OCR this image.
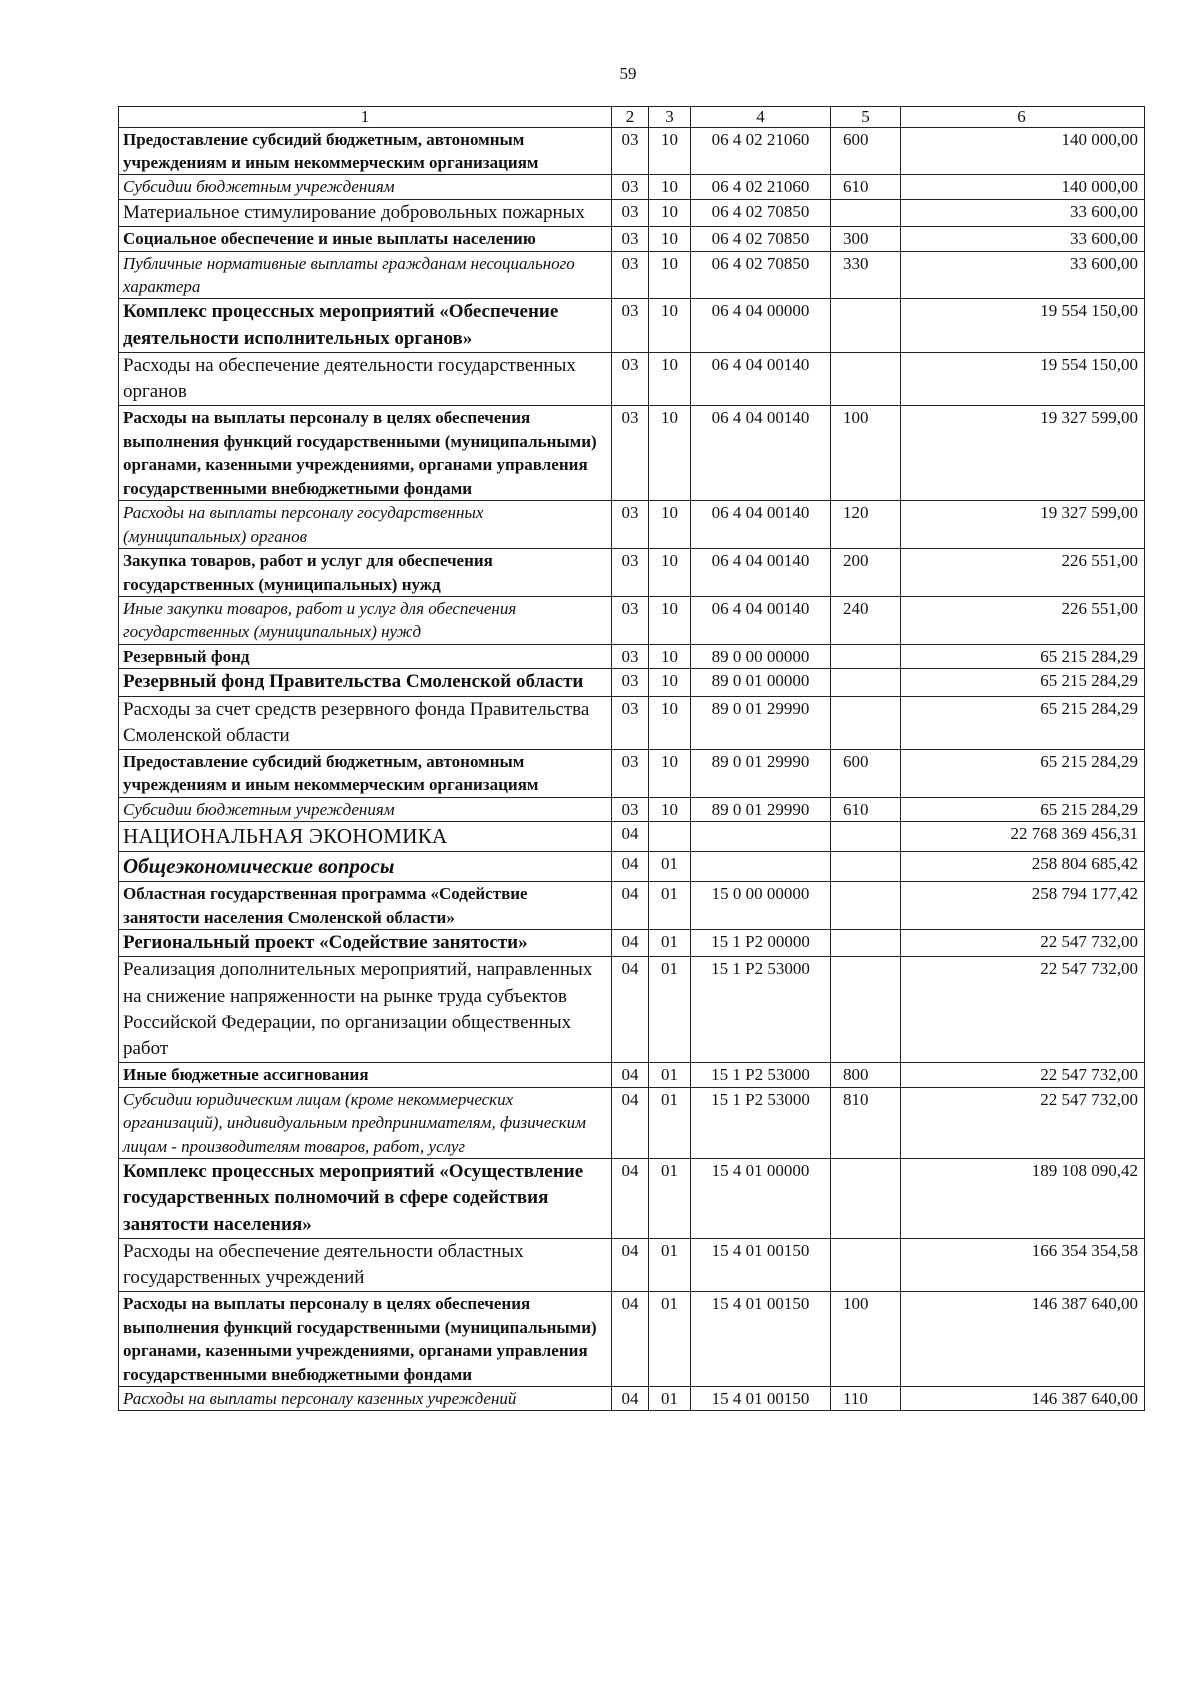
59
1	2	3	4	5	6
Предоставление субсидий бюджетным, автономным учреждениям и иным некоммерческим организациям	03	10	06 4 02 21060	600	140 000,00
Субсидии бюджетным учреждениям	03	10	06 4 02 21060	610	140 000,00
Материальное стимулирование добровольных пожарных	03	10	06 4 02 70850		33 600,00
Социальное обеспечение и иные выплаты населению	03	10	06 4 02 70850	300	33 600,00
Публичные нормативные выплаты гражданам несоциального характера	03	10	06 4 02 70850	330	33 600,00
Комплекс процессных мероприятий «Обеспечение деятельности исполнительных органов»	03	10	06 4 04 00000		19 554 150,00
Расходы на обеспечение деятельности государственных органов	03	10	06 4 04 00140		19 554 150,00
Расходы на выплаты персоналу в целях обеспечения выполнения функций государственными (муниципальными) органами, казенными учреждениями, органами управления государственными внебюджетными фондами	03	10	06 4 04 00140	100	19 327 599,00
Расходы на выплаты персоналу государственных (муниципальных) органов	03	10	06 4 04 00140	120	19 327 599,00
Закупка товаров, работ и услуг для обеспечения государственных (муниципальных) нужд	03	10	06 4 04 00140	200	226 551,00
Иные закупки товаров, работ и услуг для обеспечения государственных (муниципальных) нужд	03	10	06 4 04 00140	240	226 551,00
Резервный фонд	03	10	89 0 00 00000		65 215 284,29
Резервный фонд Правительства Смоленской области	03	10	89 0 01 00000		65 215 284,29
Расходы за счет средств резервного фонда Правительства Смоленской области	03	10	89 0 01 29990		65 215 284,29
Предоставление субсидий бюджетным, автономным учреждениям и иным некоммерческим организациям	03	10	89 0 01 29990	600	65 215 284,29
Субсидии бюджетным учреждениям	03	10	89 0 01 29990	610	65 215 284,29
НАЦИОНАЛЬНАЯ ЭКОНОМИКА	04				22 768 369 456,31
Общеэкономические вопросы	04	01			258 804 685,42
Областная государственная программа «Содействие занятости населения Смоленской области»	04	01	15 0 00 00000		258 794 177,42
Региональный проект «Содействие занятости»	04	01	15 1 P2 00000		22 547 732,00
Реализация дополнительных мероприятий, направленных на снижение напряженности на рынке труда субъектов Российской Федерации, по организации общественных работ	04	01	15 1 P2 53000		22 547 732,00
Иные бюджетные ассигнования	04	01	15 1 P2 53000	800	22 547 732,00
Субсидии юридическим лицам (кроме некоммерческих организаций), индивидуальным предпринимателям, физическим лицам - производителям товаров, работ, услуг	04	01	15 1 P2 53000	810	22 547 732,00
Комплекс процессных мероприятий «Осуществление государственных полномочий в сфере содействия занятости населения»	04	01	15 4 01 00000		189 108 090,42
Расходы на обеспечение деятельности областных государственных учреждений	04	01	15 4 01 00150		166 354 354,58
Расходы на выплаты персоналу в целях обеспечения выполнения функций государственными (муниципальными) органами, казенными учреждениями, органами управления государственными внебюджетными фондами	04	01	15 4 01 00150	100	146 387 640,00
Расходы на выплаты персоналу казенных учреждений	04	01	15 4 01 00150	110	146 387 640,00
